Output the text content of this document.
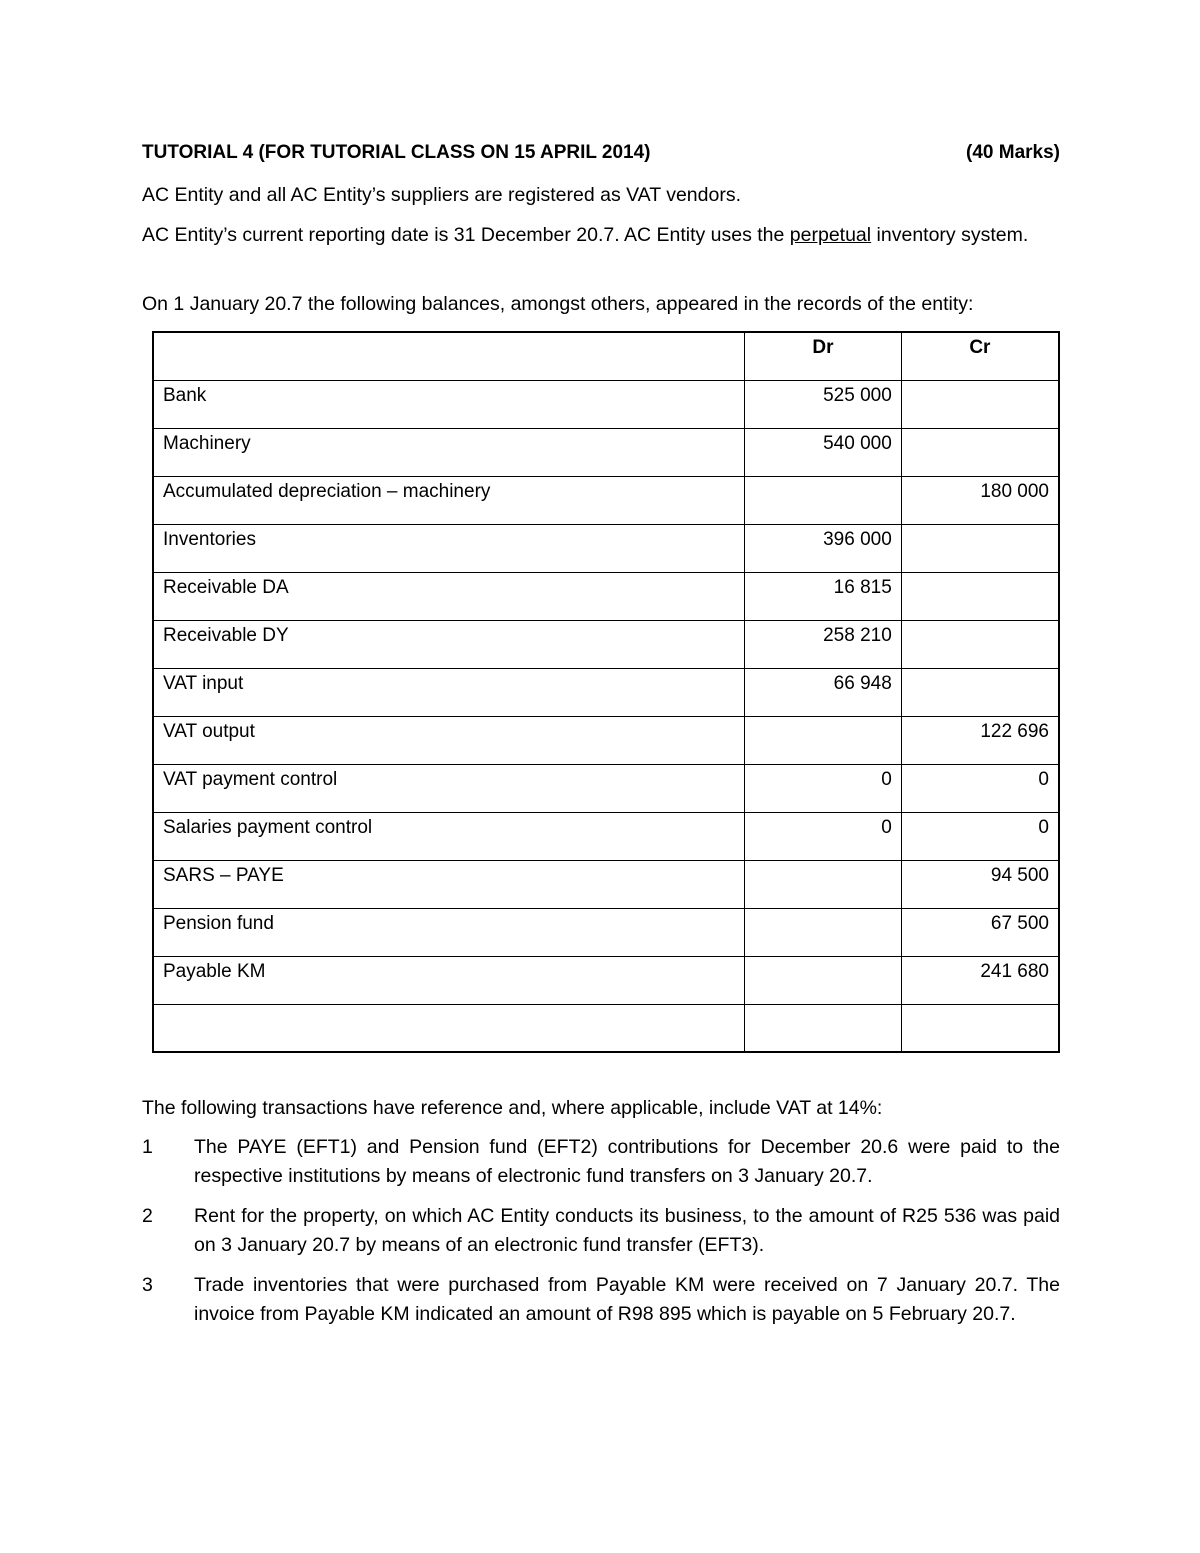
TUTORIAL 4 (FOR TUTORIAL CLASS ON 15 APRIL 2014)	(40 Marks)
AC Entity and all AC Entity’s suppliers are registered as VAT vendors.
AC Entity’s current reporting date is 31 December 20.7. AC Entity uses the perpetual inventory system.
On 1 January 20.7 the following balances, amongst others, appeared in the records of the entity:
	Dr	Cr
Bank	525 000	
Machinery	540 000	
Accumulated depreciation – machinery		180 000
Inventories	396 000	
Receivable DA	16 815	
Receivable DY	258 210	
VAT input	66 948	
VAT output		122 696
VAT payment control	0	0
Salaries payment control	0	0
SARS – PAYE		94 500
Pension fund		67 500
Payable KM		241 680

The following transactions have reference and, where applicable, include VAT at 14%:
1	The PAYE (EFT1) and Pension fund (EFT2) contributions for December 20.6 were paid to the respective institutions by means of electronic fund transfers on 3 January 20.7.
2	Rent for the property, on which AC Entity conducts its business, to the amount of R25 536 was paid on 3 January 20.7 by means of an electronic fund transfer (EFT3).
3	Trade inventories that were purchased from Payable KM were received on 7 January 20.7. The invoice from Payable KM indicated an amount of R98 895 which is payable on 5 February 20.7.
